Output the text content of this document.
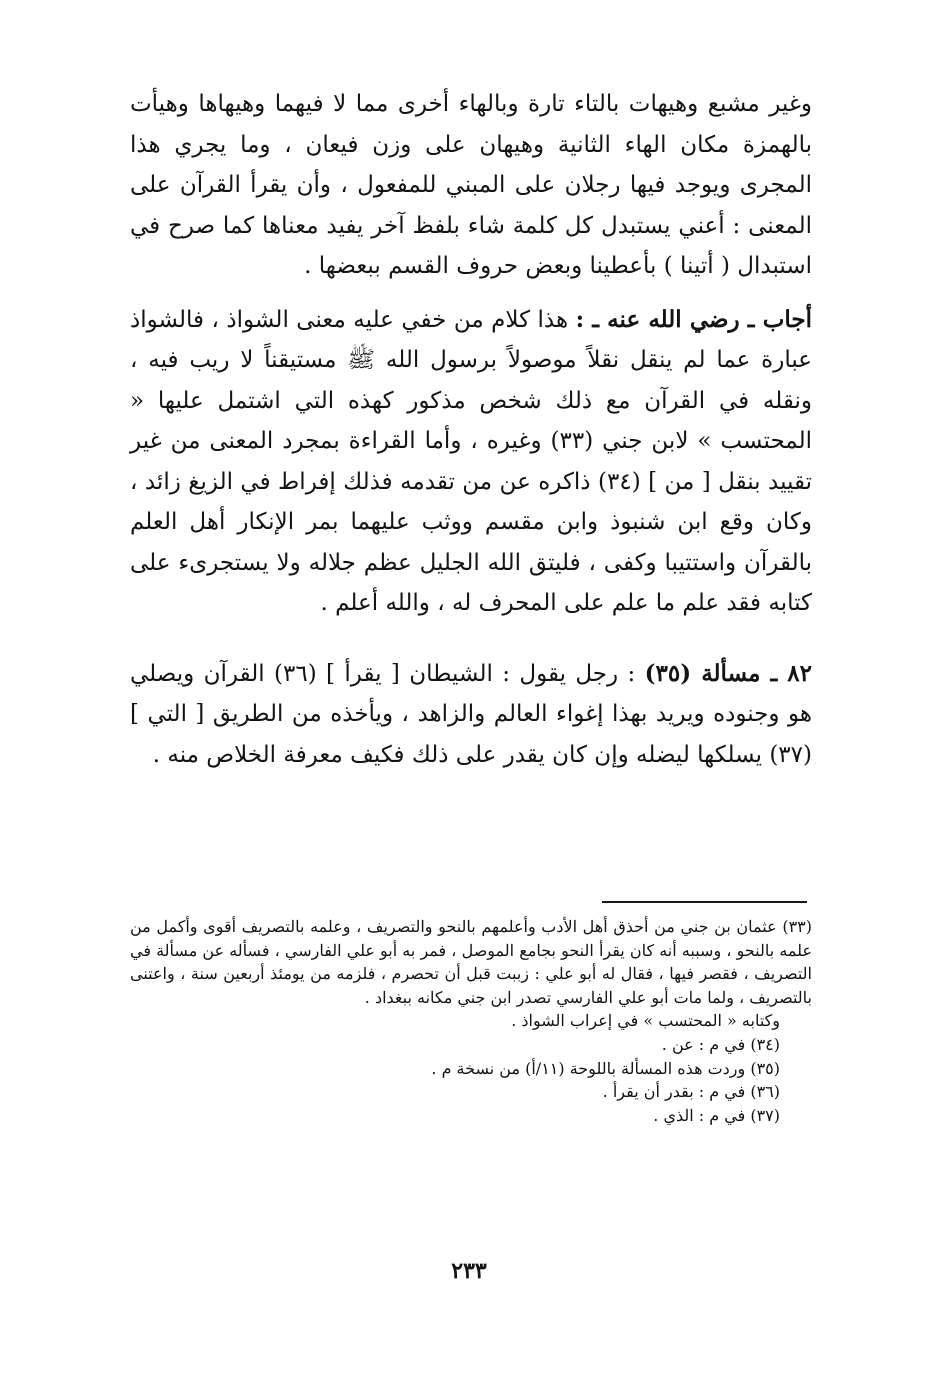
وغير مشبع وهيهات بالتاء تارة وبالهاء أخرى مما لا فيهما وهيهاها وهيأت بالهمزة مكان الهاء الثانية وهيهان على وزن فيعان ، وما يجري هذا المجرى ويوجد فيها رجلان على المبني للمفعول ، وأن يقرأ القرآن على المعنى : أعني يستبدل كل كلمة شاء بلفظ آخر يفيد معناها كما صرح في استبدال ( أتينا ) بأعطينا وبعض حروف القسم ببعضها .

أجاب ـ رضي الله عنه ـ : هذا كلام من خفي عليه معنى الشواذ ، فالشواذ عبارة عما لم ينقل نقلاً موصولاً برسول الله ﷺ مستيقناً لا ريب فيه ، ونقله في القرآن مع ذلك شخص مذكور كهذه التي اشتمل عليها « المحتسب » لابن جني (٣٣) وغيره ، وأما القراءة بمجرد المعنى من غير تقييد بنقل [ من ] (٣٤) ذاكره عن من تقدمه فذلك إفراط في الزيغ زائد ، وكان وقع ابن شنبوذ وابن مقسم ووثب عليهما بمر الإنكار أهل العلم بالقرآن واستتيبا وكفى ، فليتق الله الجليل عظم جلاله ولا يستجرىء على كتابه فقد علم ما علم على المحرف له ، والله أعلم .

٨٢ ـ مسألة (٣٥) : رجل يقول : الشيطان [ يقرأ ] (٣٦) القرآن ويصلي هو وجنوده ويريد بهذا إغواء العالم والزاهد ، ويأخذه من الطريق [ التي ] (٣٧) يسلكها ليضله وإن كان يقدر على ذلك فكيف معرفة الخلاص منه .

(٣٣) عثمان بن جني من أحذق أهل الأدب وأعلمهم بالنحو والتصريف ، وعلمه بالتصريف أقوى وأكمل من علمه بالنحو ، وسببه أنه كان يقرأ النحو بجامع الموصل ، فمر به أبو علي الفارسي ، فسأله عن مسألة في التصريف ، فقصر فيها ، فقال له أبو علي : زببت قبل أن تحصرم ، فلزمه من يومئذ أربعين سنة ، واعتنى بالتصريف ، ولما مات أبو علي الفارسي تصدر ابن جني مكانه ببغداد .

وكتابه « المحتسب » في إعراب الشواذ .

(٣٤) في م : عن .

(٣٥) وردت هذه المسألة باللوحة (١١/أ) من نسخة م .

(٣٦) في م : بقدر أن يقرأ .

(٣٧) في م : الذي .

٢٣٣
